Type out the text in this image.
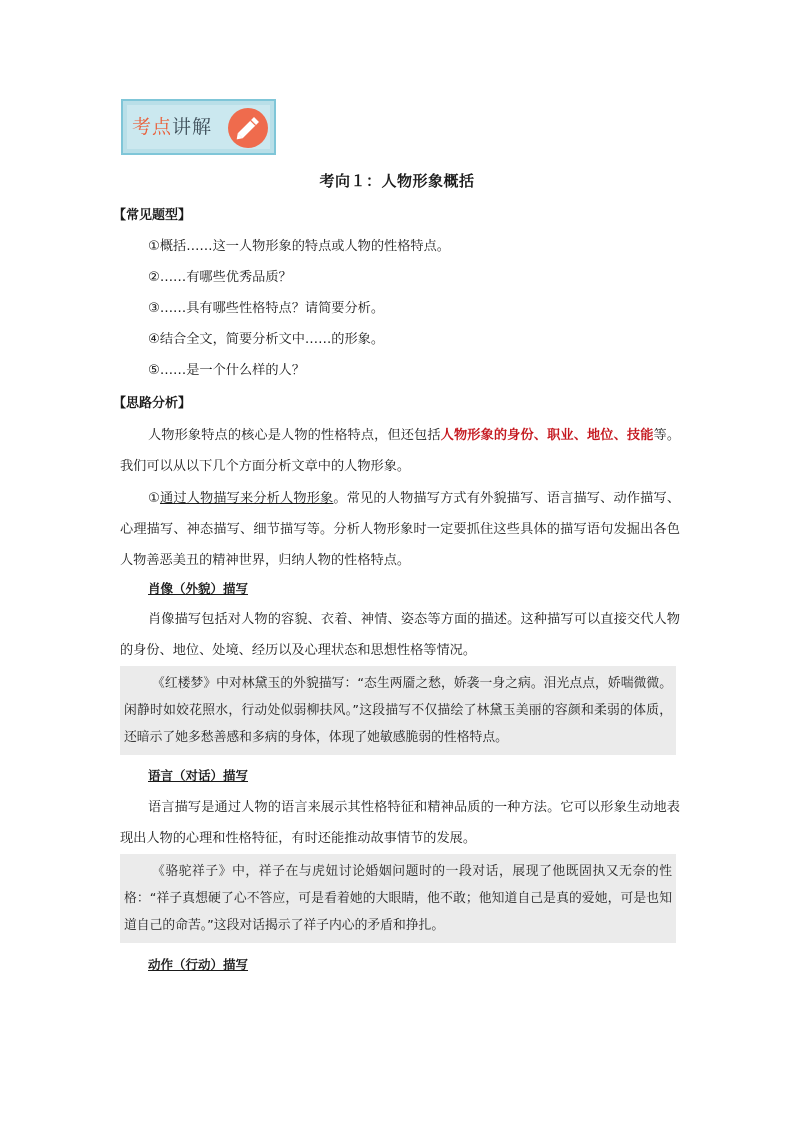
考点讲解
考向１：人物形象概括
【常见题型】
①概括……这一人物形象的特点或人物的性格特点。
②……有哪些优秀品质？
③……具有哪些性格特点？请简要分析。
④结合全文，简要分析文中……的形象。
⑤……是一个什么样的人？
【思路分析】

人物形象特点的核心是人物的性格特点，但还包括人物形象的身份、职业、地位、技能等。我们可以从以下几个方面分析文章中的人物形象。

①通过人物描写来分析人物形象。常见的人物描写方式有外貌描写、语言描写、动作描写、心理描写、神态描写、细节描写等。分析人物形象时一定要抓住这些具体的描写语句发掘出各色人物善恶美丑的精神世界，归纳人物的性格特点。

肖像（外貌）描写

肖像描写包括对人物的容貌、衣着、神情、姿态等方面的描述。这种描写可以直接交代人物的身份、地位、处境、经历以及心理状态和思想性格等情况。

《红楼梦》中对林黛玉的外貌描写：“态生两靥之愁，娇袭一身之病。泪光点点，娇喘微微。闲静时如姣花照水，行动处似弱柳扶风。”这段描写不仅描绘了林黛玉美丽的容颜和柔弱的体质，还暗示了她多愁善感和多病的身体，体现了她敏感脆弱的性格特点。

语言（对话）描写

语言描写是通过人物的语言来展示其性格特征和精神品质的一种方法。它可以形象生动地表现出人物的心理和性格特征，有时还能推动故事情节的发展。

《骆驼祥子》中，祥子在与虎妞讨论婚姻问题时的一段对话，展现了他既固执又无奈的性格：“祥子真想硬了心不答应，可是看着她的大眼睛，他不敢；他知道自己是真的爱她，可是也知道自己的命苦。”这段对话揭示了祥子内心的矛盾和挣扎。

动作（行动）描写
